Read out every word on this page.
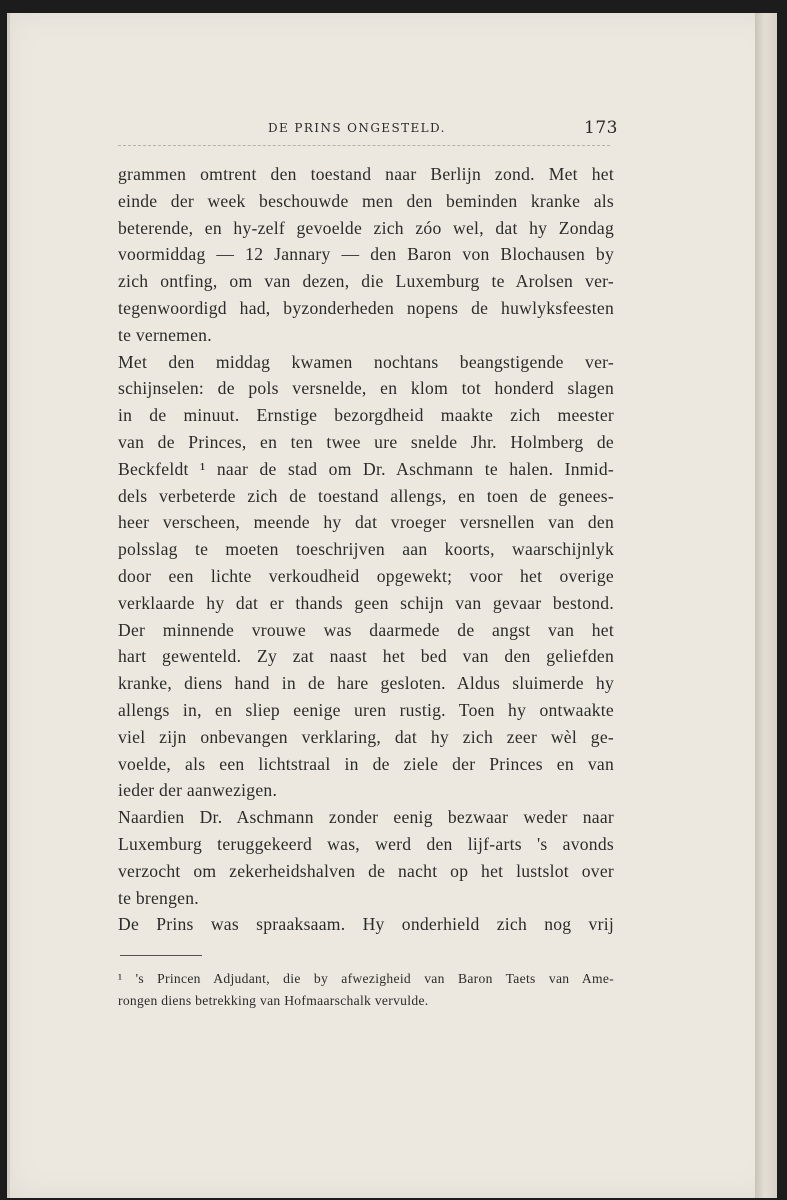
DE PRINS ONGESTELD.	173
grammen omtrent den toestand naar Berlijn zond. Met het
einde der week beschouwde men den beminden kranke als
beterende, en hy-zelf gevoelde zich zóo wel, dat hy Zondag
voormiddag — 12 Jannary — den Baron von Blochausen by
zich ontfing, om van dezen, die Luxemburg te Arolsen ver-
tegenwoordigd had, byzonderheden nopens de huwlyksfeesten
te vernemen.
Met den middag kwamen nochtans beangstigende ver-
schijnselen: de pols versnelde, en klom tot honderd slagen
in de minuut. Ernstige bezorgdheid maakte zich meester
van de Princes, en ten twee ure snelde Jhr. Holmberg de
Beckfeldt ¹ naar de stad om Dr. Aschmann te halen. Inmid-
dels verbeterde zich de toestand allengs, en toen de genees-
heer verscheen, meende hy dat vroeger versnellen van den
polsslag te moeten toeschrijven aan koorts, waarschijnlyk
door een lichte verkoudheid opgewekt; voor het overige
verklaarde hy dat er thands geen schijn van gevaar bestond.
Der minnende vrouwe was daarmede de angst van het
hart gewenteld. Zy zat naast het bed van den geliefden
kranke, diens hand in de hare gesloten. Aldus sluimerde hy
allengs in, en sliep eenige uren rustig. Toen hy ontwaakte
viel zijn onbevangen verklaring, dat hy zich zeer wèl ge-
voelde, als een lichtstraal in de ziele der Princes en van
ieder der aanwezigen.
Naardien Dr. Aschmann zonder eenig bezwaar weder naar
Luxemburg teruggekeerd was, werd den lijf-arts 's avonds
verzocht om zekerheidshalven de nacht op het lustslot over
te brengen.
De Prins was spraaksaam. Hy onderhield zich nog vrij
¹ 's Princen Adjudant, die by afwezigheid van Baron Taets van Ame-
rongen diens betrekking van Hofmaarschalk vervulde.
